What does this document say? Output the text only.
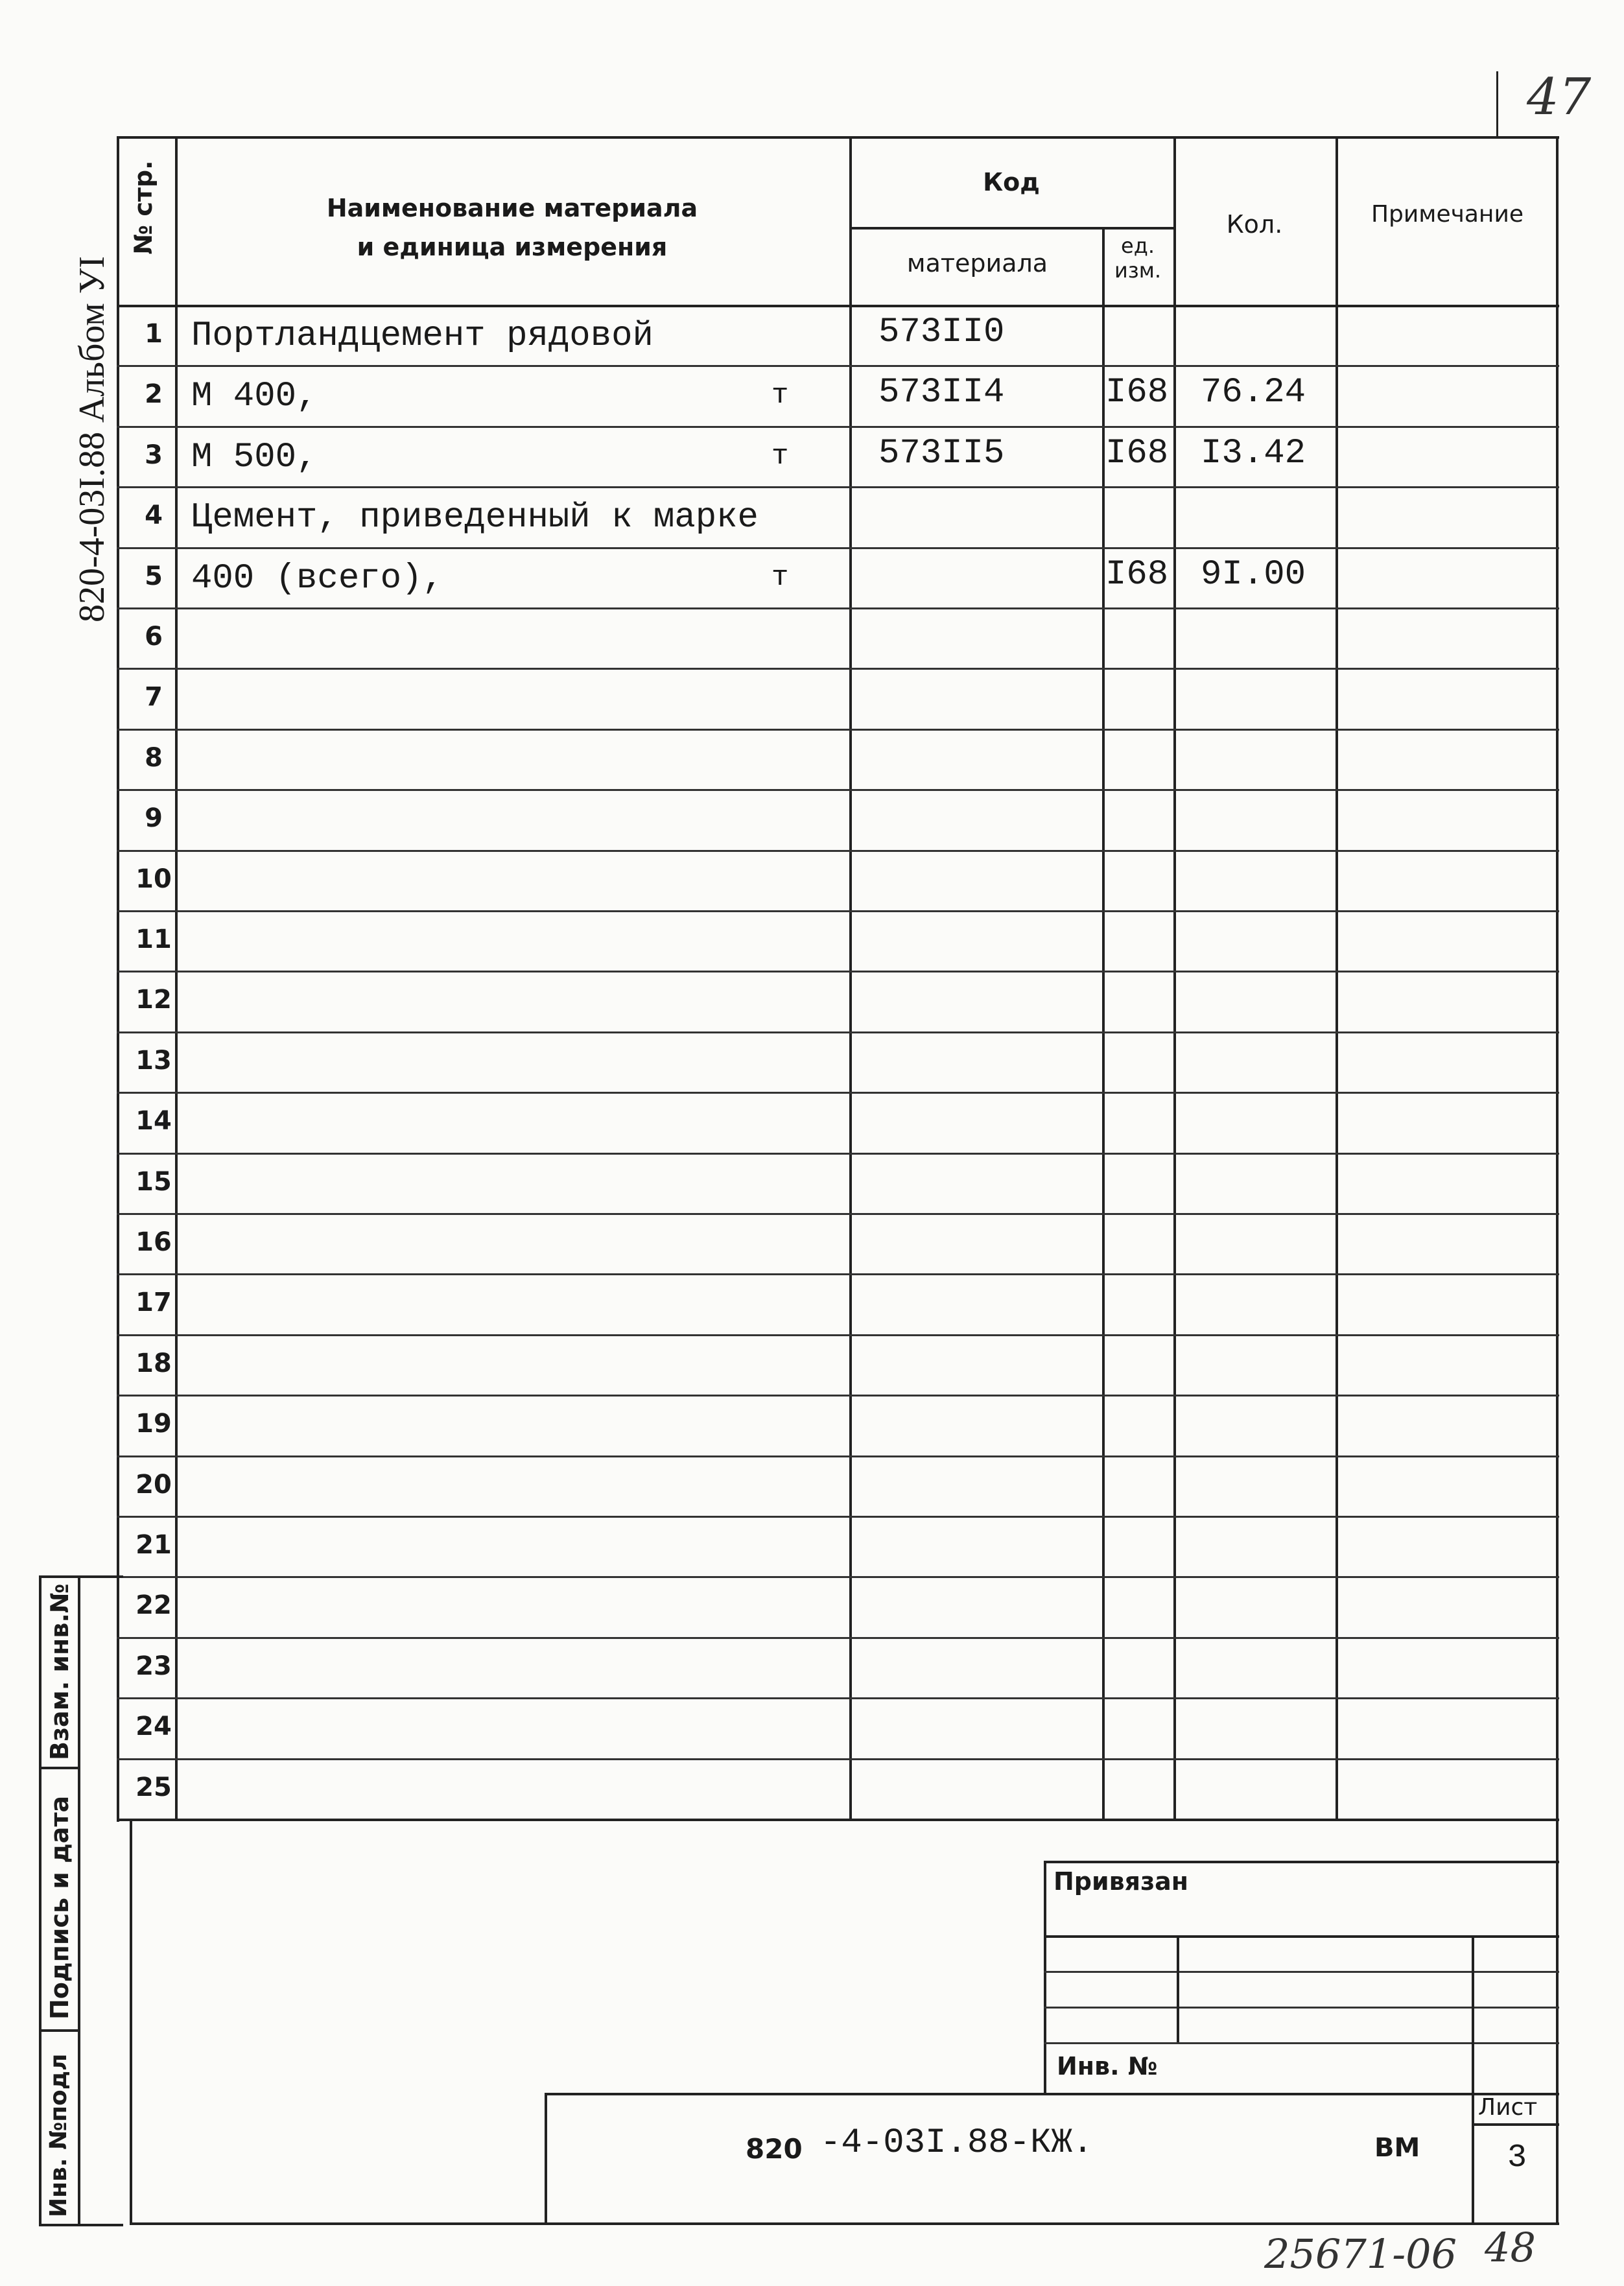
47
820-4-03I.88 Альбом УI
№ стр.	Наименование материала
и единица измерения
Код
материала
ед. изм.
Кол.	Примечание
1 Портландцемент рядовой	573II0
2 М 400,	т	573II4	I68 76.24
3 М 500,	т	573II5	I68 I3.42
4 Цемент, приведенный к марке
5 400 (всего),	т	I68 9I.00
6
7
8
9
10
11
12
13
14
15
16
17
18
19
20
21
22
23
24
25
Взам. инв.№
Подпись и дата
Инв. №подл
Привязан
Инв. №
820 -4-03I.88-КЖ.	ВМ
Лист
3
25671-06 48
